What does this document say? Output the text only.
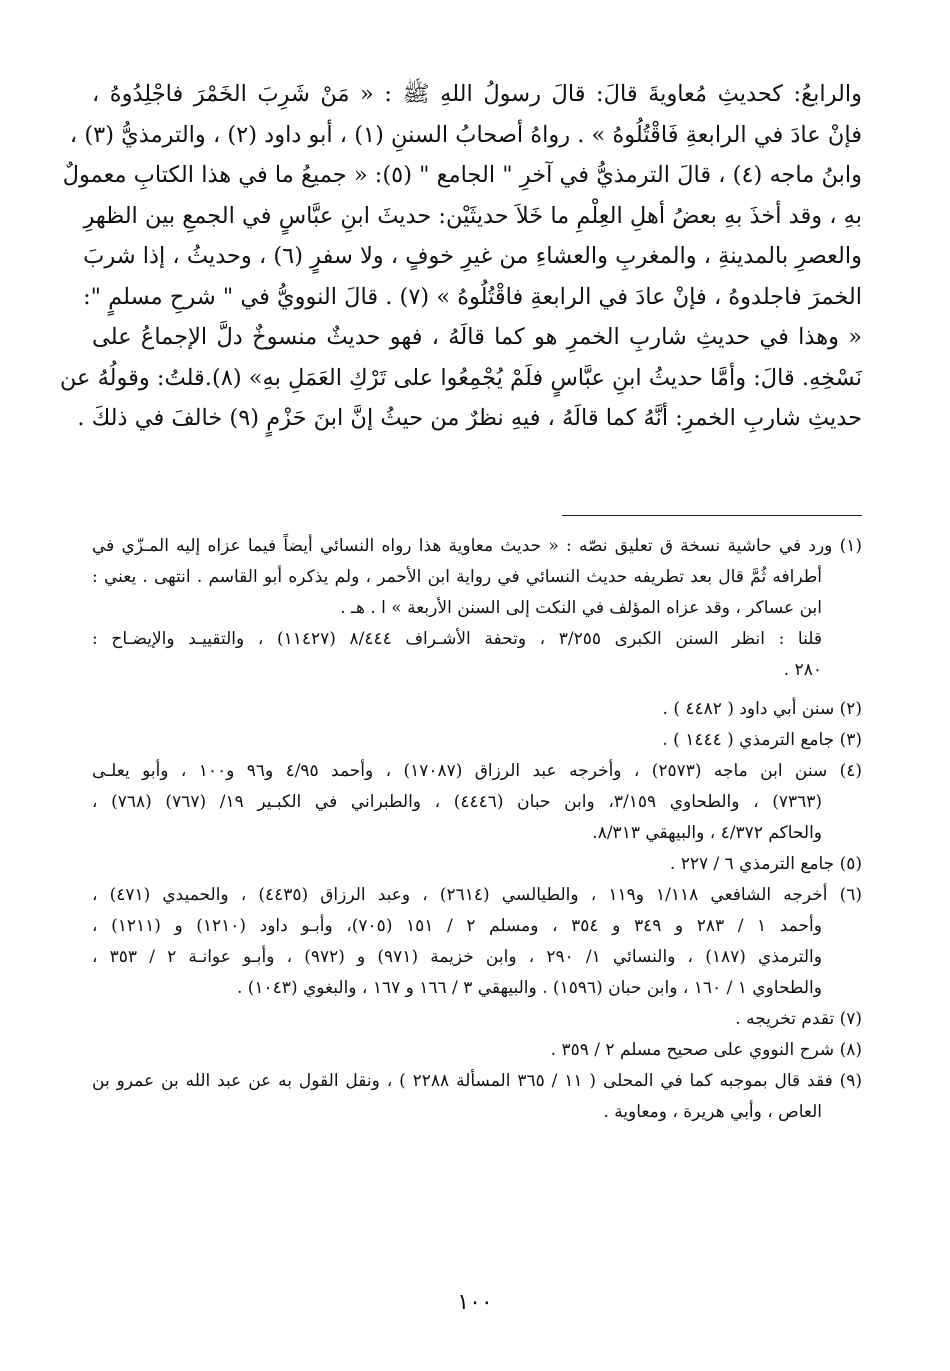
والرابعُ: كحديثِ مُعاويةَ قالَ: قالَ رسولُ اللهِ ﷺ : « مَنْ شَرِبَ الخَمْرَ فاجْلِدُوهُ ،
فإنْ عادَ في الرابعةِ فَاقْتُلُوهُ » . رواهُ أصحابُ السننِ (١) ، أبو داود (٢) ، والترمذيُّ (٣) ،
وابنُ ماجه (٤) ، قالَ الترمذيُّ في آخرِ " الجامع " (٥): « جميعُ ما في هذا الكتابِ معمولٌ
بهِ ، وقد أخذَ بهِ بعضُ أهلِ العِلْمِ ما خَلاَ حديثَيْن: حديثَ ابنِ عبَّاسٍ في الجمعِ بين الظهرِ
والعصرِ بالمدينةِ ، والمغربِ والعشاءِ من غيرِ خوفٍ ، ولا سفرٍ (٦) ، وحديثُ ، إذا شربَ
الخمرَ فاجلدوهُ ، فإنْ عادَ في الرابعةِ فاقْتُلُوهُ » (٧) . قالَ النوويُّ في " شرحِ مسلمٍ ":
« وهذا في حديثِ شاربِ الخمرِ هو كما قالَهُ ، فهو حديثٌ منسوخٌ دلَّ الإجماعُ على
نَسْخِهِ. قالَ: وأمَّا حديثُ ابنِ عبَّاسٍ فلَمْ يُجْمِعُوا على تَرْكِ العَمَلِ بهِ» (٨).قلتُ: وقولُهُ عن
حديثِ شاربِ الخمرِ: أنَّهُ كما قالَهُ ، فيهِ نظرٌ من حيثُ إنَّ ابنَ حَزْمٍ (٩) خالفَ في ذلكَ .
(١) ورد في حاشية نسخة ق تعليق نصّه : « حديث معاوية هذا رواه النسائي أيضاً فيما عزاه إليه المـزّي في
أطرافه ثُمَّ قال بعد تطريفه حديث النسائي في رواية ابن الأحمر ، ولم يذكره أبو القاسم . انتهى . يعني :
ابن عساكر ، وقد عزاه المؤلف في النكت إلى السنن الأربعة » ا . هـ .
قلنا : انظر السنن الكبرى ٣/٢٥٥ ، وتحفة الأشـراف ٨/٤٤٤ (١١٤٢٧) ، والتقييـد والإيضـاح :
٢٨٠ .
(٢) سنن أبي داود ( ٤٤٨٢ ) .
(٣) جامع الترمذي ( ١٤٤٤ ) .
(٤) سنن ابن ماجه (٢٥٧٣) ، وأخرجه عبد الرزاق (١٧٠٨٧) ، وأحمد ٤/٩٥ و٩٦ و١٠٠ ، وأبو يعلـى
(٧٣٦٣) ، والطحاوي ٣/١٥٩، وابن حبان (٤٤٤٦) ، والطبراني في الكبـير ١٩/ (٧٦٧) (٧٦٨) ،
والحاكم ٤/٣٧٢ ، والبيهقي ٨/٣١٣.
(٥) جامع الترمذي ٦ / ٢٢٧ .
(٦) أخرجه الشافعي ١/١١٨ و١١٩ ، والطيالسي (٢٦١٤) ، وعبد الرزاق (٤٤٣٥) ، والحميدي (٤٧١) ،
وأحمد ١ / ٢٨٣ و ٣٤٩ و ٣٥٤ ، ومسلم ٢ / ١٥١ (٧٠٥)، وأبـو داود (١٢١٠) و (١٢١١) ،
والترمذي (١٨٧) ، والنسائي ١/ ٢٩٠ ، وابن خزيمة (٩٧١) و (٩٧٢) ، وأبـو عوانـة ٢ / ٣٥٣ ،
والطحاوي ١ / ١٦٠ ، وابن حبان (١٥٩٦) . والبيهقي ٣ / ١٦٦ و ١٦٧ ، والبغوي (١٠٤٣) .
(٧) تقدم تخريجه .
(٨) شرح النووي على صحيح مسلم ٢ / ٣٥٩ .
(٩) فقد قال بموجبه كما في المحلى ( ١١ / ٣٦٥ المسألة ٢٢٨٨ ) ، ونقل القول به عن عبد الله بن عمرو بن
العاص ، وأبي هريرة ، ومعاوية .
١٠٠
